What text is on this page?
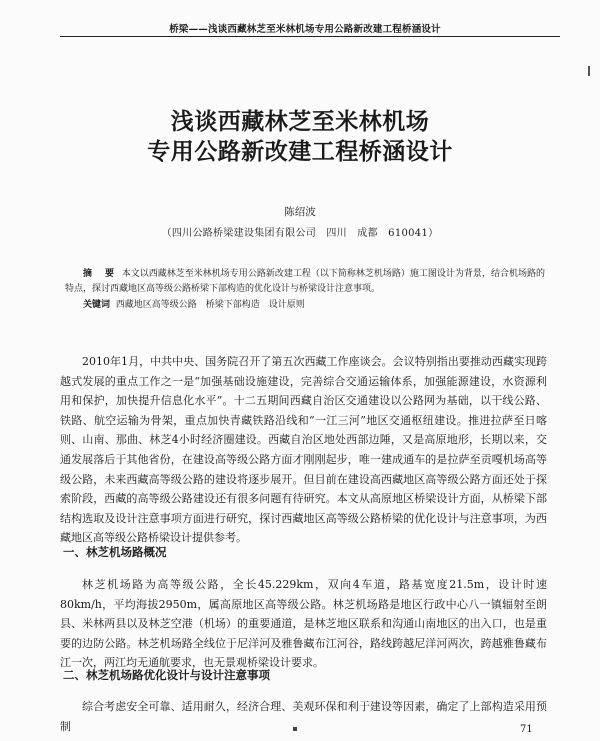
桥梁——浅谈西藏林芝至米林机场专用公路新改建工程桥涵设计
浅谈西藏林芝至米林机场
专用公路新改建工程桥涵设计
陈绍波
（四川公路桥梁建设集团有限公司　四川　成都　610041）
摘　要 本文以西藏林芝至米林机场专用公路新改建工程（以下简称林芝机场路）施工图设计为背景，结合机场路的特点，探讨西藏地区高等级公路桥梁下部构造的优化设计与桥梁设计注意事项。
关键词 西藏地区高等级公路　桥梁下部构造　设计原则

2010年1月，中共中央、国务院召开了第五次西藏工作座谈会。会议特别指出要推动西藏实现跨越式发展的重点工作之一是“加强基础设施建设，完善综合交通运输体系，加强能源建设，水资源利用和保护，加快提升信息化水平”。十二五期间西藏自治区交通建设以公路网为基础，以干线公路、铁路、航空运输为骨架，重点加快青藏铁路沿线和“一江三河”地区交通枢纽建设。推进拉萨至日喀则、山南、那曲、林芝4小时经济圈建设。西藏自治区地处西部边陲，又是高原地形，长期以来，交通发展落后于其他省份，在建设高等级公路方面才刚刚起步，唯一建成通车的是拉萨至贡嘎机场高等级公路，未来西藏高等级公路的建设将逐步展开。但目前在建设高西藏地区高等级公路方面还处于探索阶段，西藏的高等级公路建设还有很多问题有待研究。本文从高原地区桥梁设计方面，从桥梁下部结构选取及设计注意事项方面进行研究，探讨西藏地区高等级公路桥梁的优化设计与注意事项，为西藏地区高等级公路桥梁设计提供参考。

一、林芝机场路概况

林芝机场路为高等级公路，全长45.229km，双向4车道，路基宽度21.5m，设计时速80km/h，平均海拔2950m，属高原地区高等级公路。林芝机场路是地区行政中心八一镇辐射至朗县、米林两县以及林芝空港（机场）的重要通道，是林芝地区联系和沟通山南地区的出入口，也是重要的边防公路。林芝机场路全线位于尼洋河及雅鲁藏布江河谷，路线跨越尼洋河两次，跨越雅鲁藏布江一次，两江均无通航要求，也无景观桥梁设计要求。

二、林芝机场路优化设计与设计注意事项

综合考虑安全可靠、适用耐久，经济合理、美观环保和利于建设等因素，确定了上部构造采用预制	71
